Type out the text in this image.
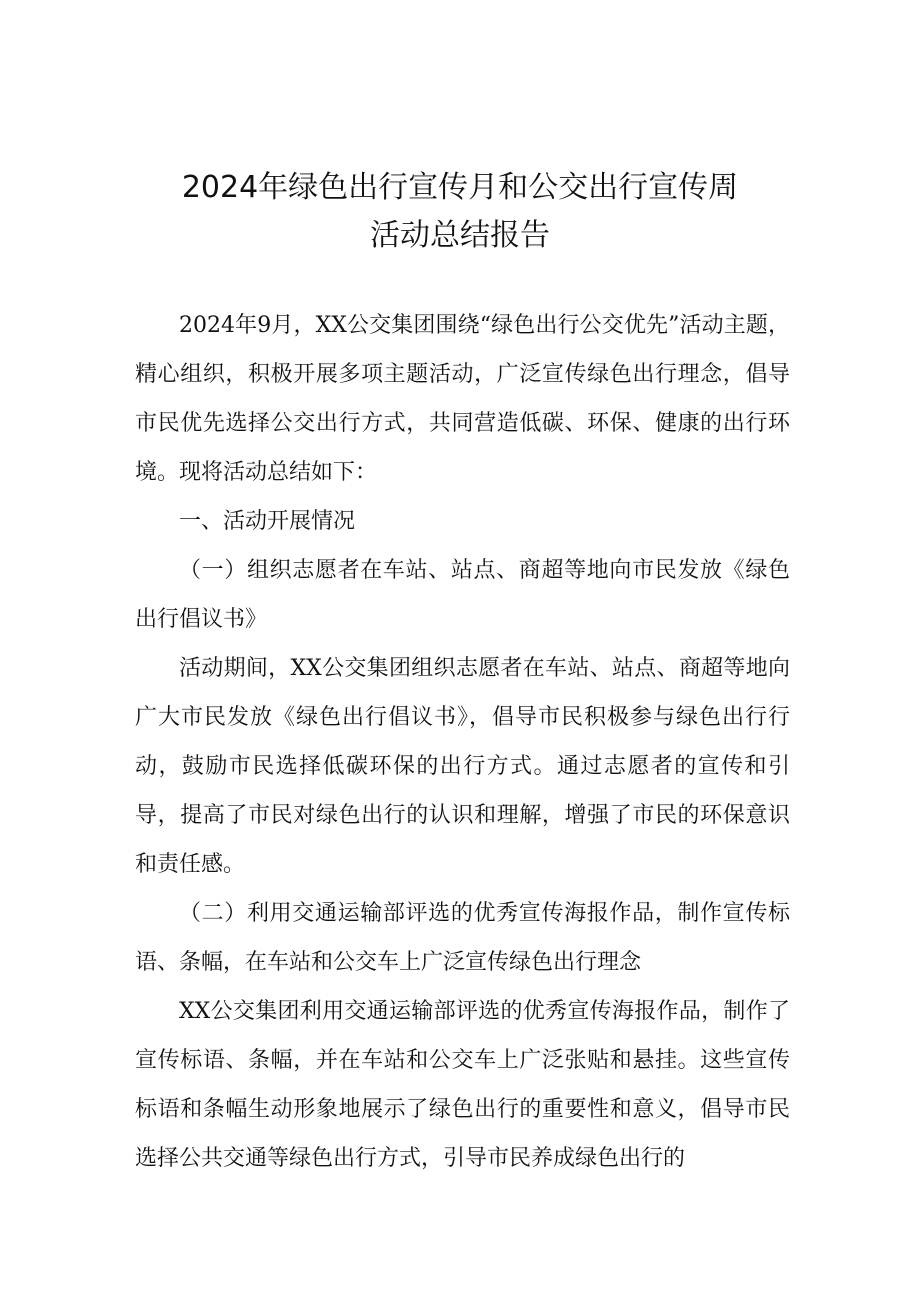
2024年绿色出行宣传月和公交出行宣传周
活动总结报告

2024年9月，XX公交集团围绕“绿色出行公交优先”活动主题，精心组织，积极开展多项主题活动，广泛宣传绿色出行理念，倡导市民优先选择公交出行方式，共同营造低碳、环保、健康的出行环境。现将活动总结如下：

一、活动开展情况

（一）组织志愿者在车站、站点、商超等地向市民发放《绿色出行倡议书》

活动期间，XX公交集团组织志愿者在车站、站点、商超等地向广大市民发放《绿色出行倡议书》，倡导市民积极参与绿色出行行动，鼓励市民选择低碳环保的出行方式。通过志愿者的宣传和引导，提高了市民对绿色出行的认识和理解，增强了市民的环保意识和责任感。

（二）利用交通运输部评选的优秀宣传海报作品，制作宣传标语、条幅，在车站和公交车上广泛宣传绿色出行理念

XX公交集团利用交通运输部评选的优秀宣传海报作品，制作了宣传标语、条幅，并在车站和公交车上广泛张贴和悬挂。这些宣传标语和条幅生动形象地展示了绿色出行的重要性和意义，倡导市民选择公共交通等绿色出行方式，引导市民养成绿色出行的
